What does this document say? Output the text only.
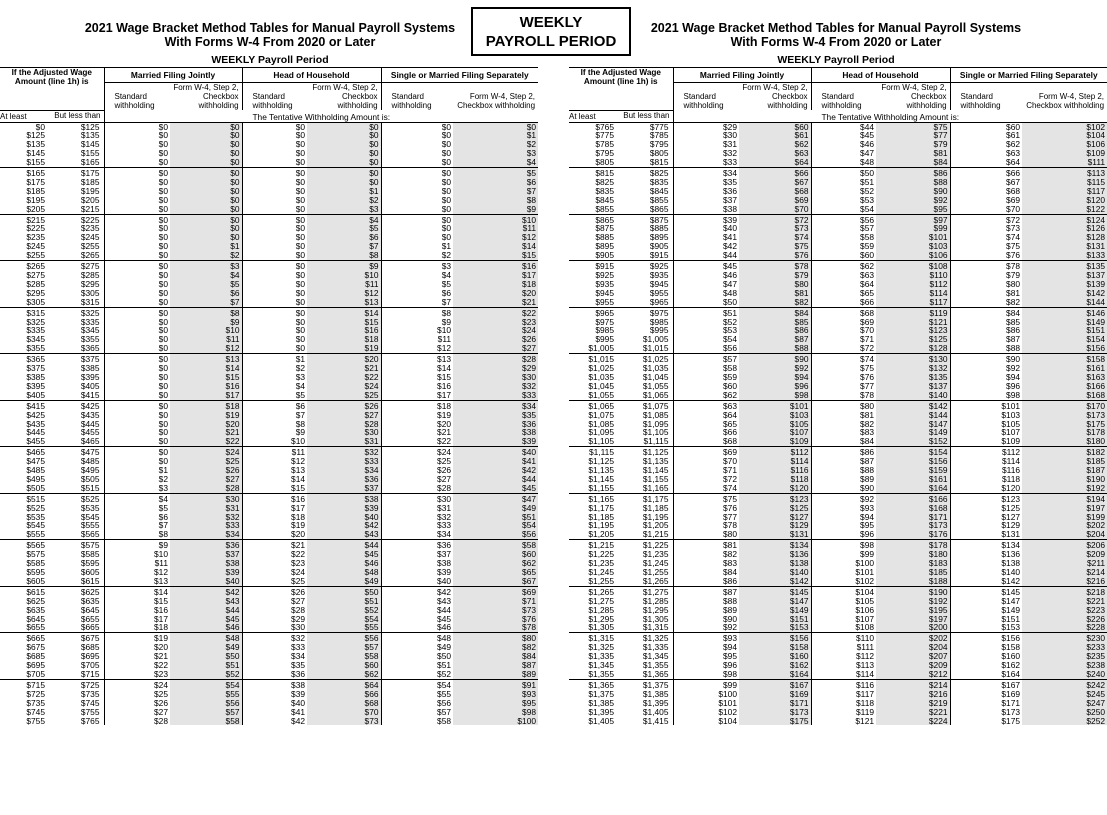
2021 Wage Bracket Method Tables for Manual Payroll Systems
With Forms W-4 From 2020 or Later
WEEKLY Payroll Period
WEEKLY
PAYROLL PERIOD
2021 Wage Bracket Method Tables for Manual Payroll Systems
With Forms W-4 From 2020 or Later
WEEKLY Payroll Period
If the Adjusted Wage Amount (line 1h) is		Married Filing Jointly		Head of Household		Single or Married Filing Separately	
		Standard withholding	Form W-4, Step 2, Checkbox withholding	Standard withholding	Form W-4, Step 2, Checkbox withholding	Standard withholding	Form W-4, Step 2, Checkbox withholding
At least	But less than	The Tentative Withholding Amount is:					
$0	$125	$0	$0	$0	$0	$0	$0
$125	$135	$0	$0	$0	$0	$0	$1
$135	$145	$0	$0	$0	$0	$0	$2
$145	$155	$0	$0	$0	$0	$0	$3
$155	$165	$0	$0	$0	$0	$0	$4
$165	$175	$0	$0	$0	$0	$0	$5
$175	$185	$0	$0	$0	$0	$0	$6
$185	$195	$0	$0	$0	$1	$0	$7
$195	$205	$0	$0	$0	$2	$0	$8
$205	$215	$0	$0	$0	$3	$0	$9
$215	$225	$0	$0	$0	$4	$0	$10
$225	$235	$0	$0	$0	$5	$0	$11
$235	$245	$0	$0	$0	$6	$0	$12
$245	$255	$0	$1	$0	$7	$1	$14
$255	$265	$0	$2	$0	$8	$2	$15
$265	$275	$0	$3	$0	$9	$3	$16
$275	$285	$0	$4	$0	$10	$4	$17
$285	$295	$0	$5	$0	$11	$5	$18
$295	$305	$0	$6	$0	$12	$6	$20
$305	$315	$0	$7	$0	$13	$7	$21
$315	$325	$0	$8	$0	$14	$8	$22
$325	$335	$0	$9	$0	$15	$9	$23
$335	$345	$0	$10	$0	$16	$10	$24
$345	$355	$0	$11	$0	$18	$11	$26
$355	$365	$0	$12	$0	$19	$12	$27
$365	$375	$0	$13	$1	$20	$13	$28
$375	$385	$0	$14	$2	$21	$14	$29
$385	$395	$0	$15	$3	$22	$15	$30
$395	$405	$0	$16	$4	$24	$16	$32
$405	$415	$0	$17	$5	$25	$17	$33
$415	$425	$0	$18	$6	$26	$18	$34
$425	$435	$0	$19	$7	$27	$19	$35
$435	$445	$0	$20	$8	$28	$20	$36
$445	$455	$0	$21	$9	$30	$21	$38
$455	$465	$0	$22	$10	$31	$22	$39
$465	$475	$0	$24	$11	$32	$24	$40
$475	$485	$0	$25	$12	$33	$25	$41
$485	$495	$1	$26	$13	$34	$26	$42
$495	$505	$2	$27	$14	$36	$27	$44
$505	$515	$3	$28	$15	$37	$28	$45
$515	$525	$4	$30	$16	$38	$30	$47
$525	$535	$5	$31	$17	$39	$31	$49
$535	$545	$6	$32	$18	$40	$32	$51
$545	$555	$7	$33	$19	$42	$33	$54
$555	$565	$8	$34	$20	$43	$34	$56
$565	$575	$9	$36	$21	$44	$36	$58
$575	$585	$10	$37	$22	$45	$37	$60
$585	$595	$11	$38	$23	$46	$38	$62
$595	$605	$12	$39	$24	$48	$39	$65
$605	$615	$13	$40	$25	$49	$40	$67
$615	$625	$14	$42	$26	$50	$42	$69
$625	$635	$15	$43	$27	$51	$43	$71
$635	$645	$16	$44	$28	$52	$44	$73
$645	$655	$17	$45	$29	$54	$45	$76
$655	$665	$18	$46	$30	$55	$46	$78
$665	$675	$19	$48	$32	$56	$48	$80
$675	$685	$20	$49	$33	$57	$49	$82
$685	$695	$21	$50	$34	$58	$50	$84
$695	$705	$22	$51	$35	$60	$51	$87
$705	$715	$23	$52	$36	$62	$52	$89
$715	$725	$24	$54	$38	$64	$54	$91
$725	$735	$25	$55	$39	$66	$55	$93
$735	$745	$26	$56	$40	$68	$56	$95
$745	$755	$27	$57	$41	$70	$57	$98
$755	$765	$28	$58	$42	$73	$58	$100
If the Adjusted Wage Amount (line 1h) is		Married Filing Jointly		Head of Household		Single or Married Filing Separately	
		Standard withholding	Form W-4, Step 2, Checkbox withholding	Standard withholding	Form W-4, Step 2, Checkbox withholding	Standard withholding	Form W-4, Step 2, Checkbox withholding
At least	But less than	The Tentative Withholding Amount is:					
$765	$775	$29	$60	$44	$75	$60	$102
$775	$785	$30	$61	$45	$77	$61	$104
$785	$795	$31	$62	$46	$79	$62	$106
$795	$805	$32	$63	$47	$81	$63	$109
$805	$815	$33	$64	$48	$84	$64	$111
$815	$825	$34	$66	$50	$86	$66	$113
$825	$835	$35	$67	$51	$88	$67	$115
$835	$845	$36	$68	$52	$90	$68	$117
$845	$855	$37	$69	$53	$92	$69	$120
$855	$865	$38	$70	$54	$95	$70	$122
$865	$875	$39	$72	$56	$97	$72	$124
$875	$885	$40	$73	$57	$99	$73	$126
$885	$895	$41	$74	$58	$101	$74	$128
$895	$905	$42	$75	$59	$103	$75	$131
$905	$915	$44	$76	$60	$106	$76	$133
$915	$925	$45	$78	$62	$108	$78	$135
$925	$935	$46	$79	$63	$110	$79	$137
$935	$945	$47	$80	$64	$112	$80	$139
$945	$955	$48	$81	$65	$114	$81	$142
$955	$965	$50	$82	$66	$117	$82	$144
$965	$975	$51	$84	$68	$119	$84	$146
$975	$985	$52	$85	$69	$121	$85	$149
$985	$995	$53	$86	$70	$123	$86	$151
$995	$1,005	$54	$87	$71	$125	$87	$154
$1,005	$1,015	$56	$88	$72	$128	$88	$156
$1,015	$1,025	$57	$90	$74	$130	$90	$158
$1,025	$1,035	$58	$92	$75	$132	$92	$161
$1,035	$1,045	$59	$94	$76	$135	$94	$163
$1,045	$1,055	$60	$96	$77	$137	$96	$166
$1,055	$1,065	$62	$98	$78	$140	$98	$168
$1,065	$1,075	$63	$101	$80	$142	$101	$170
$1,075	$1,085	$64	$103	$81	$144	$103	$173
$1,085	$1,095	$65	$105	$82	$147	$105	$175
$1,095	$1,105	$66	$107	$83	$149	$107	$178
$1,105	$1,115	$68	$109	$84	$152	$109	$180
$1,115	$1,125	$69	$112	$86	$154	$112	$182
$1,125	$1,135	$70	$114	$87	$156	$114	$185
$1,135	$1,145	$71	$116	$88	$159	$116	$187
$1,145	$1,155	$72	$118	$89	$161	$118	$190
$1,155	$1,165	$74	$120	$90	$164	$120	$192
$1,165	$1,175	$75	$123	$92	$166	$123	$194
$1,175	$1,185	$76	$125	$93	$168	$125	$197
$1,185	$1,195	$77	$127	$94	$171	$127	$199
$1,195	$1,205	$78	$129	$95	$173	$129	$202
$1,205	$1,215	$80	$131	$96	$176	$131	$204
$1,215	$1,225	$81	$134	$98	$178	$134	$206
$1,225	$1,235	$82	$136	$99	$180	$136	$209
$1,235	$1,245	$83	$138	$100	$183	$138	$211
$1,245	$1,255	$84	$140	$101	$185	$140	$214
$1,255	$1,265	$86	$142	$102	$188	$142	$216
$1,265	$1,275	$87	$145	$104	$190	$145	$218
$1,275	$1,285	$88	$147	$105	$192	$147	$221
$1,285	$1,295	$89	$149	$106	$195	$149	$223
$1,295	$1,305	$90	$151	$107	$197	$151	$226
$1,305	$1,315	$92	$153	$108	$200	$153	$228
$1,315	$1,325	$93	$156	$110	$202	$156	$230
$1,325	$1,335	$94	$158	$111	$204	$158	$233
$1,335	$1,345	$95	$160	$112	$207	$160	$235
$1,345	$1,355	$96	$162	$113	$209	$162	$238
$1,355	$1,365	$98	$164	$114	$212	$164	$240
$1,365	$1,375	$99	$167	$116	$214	$167	$242
$1,375	$1,385	$100	$169	$117	$216	$169	$245
$1,385	$1,395	$101	$171	$118	$219	$171	$247
$1,395	$1,405	$102	$173	$119	$221	$173	$250
$1,405	$1,415	$104	$175	$121	$224	$175	$252
